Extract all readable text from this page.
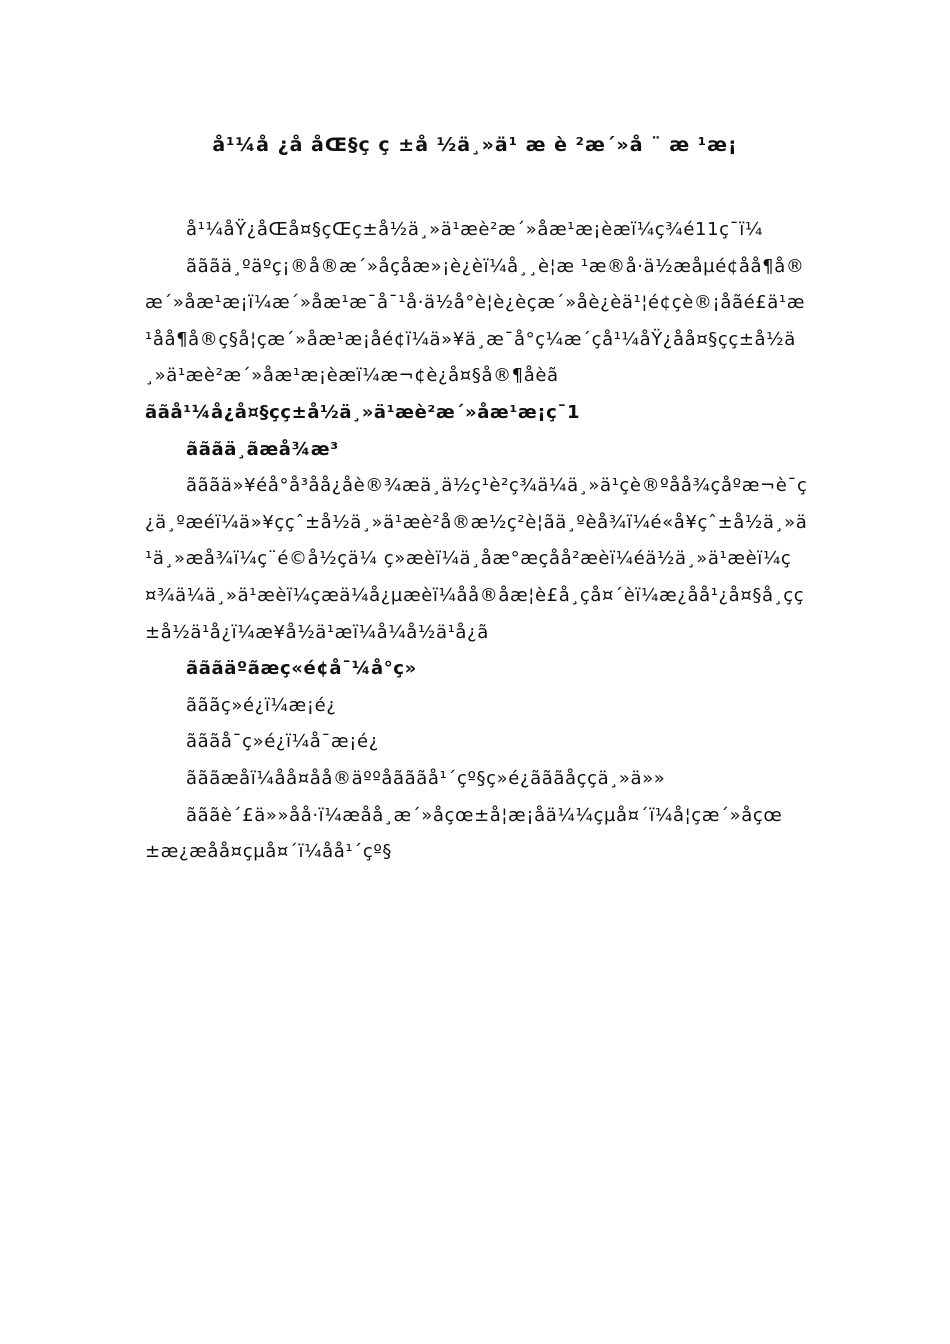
å¹¼å ¿å åŒ§ç ç ±å ½ä¸»ä¹ æ è ²æ´»å ¨ æ ¹æ¡

å¹¼åŸ¿åŒå¤§çŒç±å½ä¸»ä¹æè²æ´»åæ¹æ¡èæï¼ç¾é11ç¯ï¼

ãããä¸ºäºç¡®å®æ´»åçåæ»¡è¿èï¼å¸¸è¦æ ¹æ®å·ä½æåµé¢åå¶å®æ´»åæ¹æ¡ï¼æ´»åæ¹æ¯å¯¹å·ä½å°è¦è¿èçæ´»åè¿èä¹¦é¢çè®¡åãé£ä¹æ¹åå¶å®ç§å¦çæ´»åæ¹æ¡åé¢ï¼ä»¥ä¸æ¯å°ç¼æ´çå¹¼åŸ¿åå¤§çç±å½ä¸»ä¹æè²æ´»åæ¹æ¡èæï¼æ¬¢è¿å¤§å®¶åèã

ããå¹¼å¿å¤§çç±å½ä¸»ä¹æè²æ´»åæ¹æ¡ç¯1

ãããä¸ãæå¾æ³

ãããä»¥éå°å³åå¿åè®¾æä¸ä½ç¹è²ç¾ä¼ä¸»ä¹çè®ºåå¾çåºæ¬è¯ç¿ä¸ºæéï¼ä»¥ççˆ±å½ä¸»ä¹æè²å®æ½ç²è¦ãä¸ºèå¾ï¼é«å¥çˆ±å½ä¸»ä¹ä¸»æå¾ï¼ç¨é©å½çä¼ ç»æèï¼ä¸åæ°æçåå²æèï¼éä½ä¸»ä¹æèï¼ç¤¾ä¼ä¸»ä¹æèï¼çæä¼å¿µæèï¼åå®åæ¦è£å¸çå¤´èï¼æ¿åå¹¿å¤§å¸çç±å½ä¹å¿ï¼æ¥å½ä¹æï¼å¼å½ä¹å¿ã

ãããäºãæç«é¢å¯¼å°ç»

ãããç»é¿ï¼æ¡é¿

ãããå¯ç»é¿ï¼å¯æ¡é¿

ãããæåï¼åå¤åå®äººåãããå¹´çº§ç»é¿ãããåççä¸»ä»»

ãããè´£ä»»åå·ï¼æåå¸æ´»åçœ±å¦æ¡åä¼¼çµå¤´ï¼å¦çæ´»åçœ±æ¿æåå¤çµå¤´ï¼åå¹´çº§
